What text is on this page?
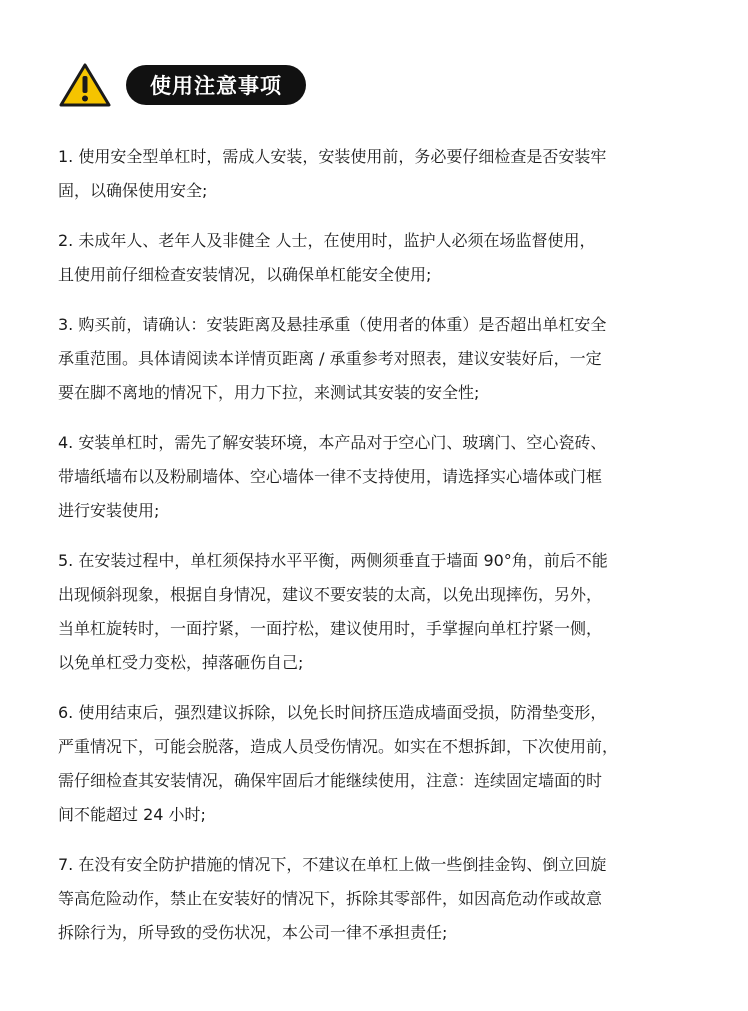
使用注意事项

1. 使用安全型单杠时，需成人安装，安装使用前，务必要仔细检查是否安装牢
固，以确保使用安全;

2. 未成年人、老年人及非健全 人士，在使用时，监护人必须在场监督使用，
且使用前仔细检查安装情况，以确保单杠能安全使用;

3. 购买前，请确认：安装距离及悬挂承重（使用者的体重）是否超出单杠安全
承重范围。具体请阅读本详情页距离 / 承重参考对照表，建议安装好后，一定
要在脚不离地的情况下，用力下拉，来测试其安装的安全性;

4. 安装单杠时，需先了解安装环境，本产品对于空心门、玻璃门、空心瓷砖、
带墙纸墙布以及粉刷墙体、空心墙体一律不支持使用，请选择实心墙体或门框
进行安装使用;

5. 在安装过程中，单杠须保持水平平衡，两侧须垂直于墙面 90°角，前后不能
出现倾斜现象，根据自身情况，建议不要安装的太高，以免出现摔伤，另外，
当单杠旋转时，一面拧紧，一面拧松，建议使用时，手掌握向单杠拧紧一侧，
以免单杠受力变松，掉落砸伤自己;

6. 使用结束后，强烈建议拆除，以免长时间挤压造成墙面受损，防滑垫变形，
严重情况下，可能会脱落，造成人员受伤情况。如实在不想拆卸，下次使用前，
需仔细检查其安装情况，确保牢固后才能继续使用，注意：连续固定墙面的时
间不能超过 24 小时;

7. 在没有安全防护措施的情况下，不建议在单杠上做一些倒挂金钩、倒立回旋
等高危险动作，禁止在安装好的情况下，拆除其零部件，如因高危动作或故意
拆除行为，所导致的受伤状况，本公司一律不承担责任;
